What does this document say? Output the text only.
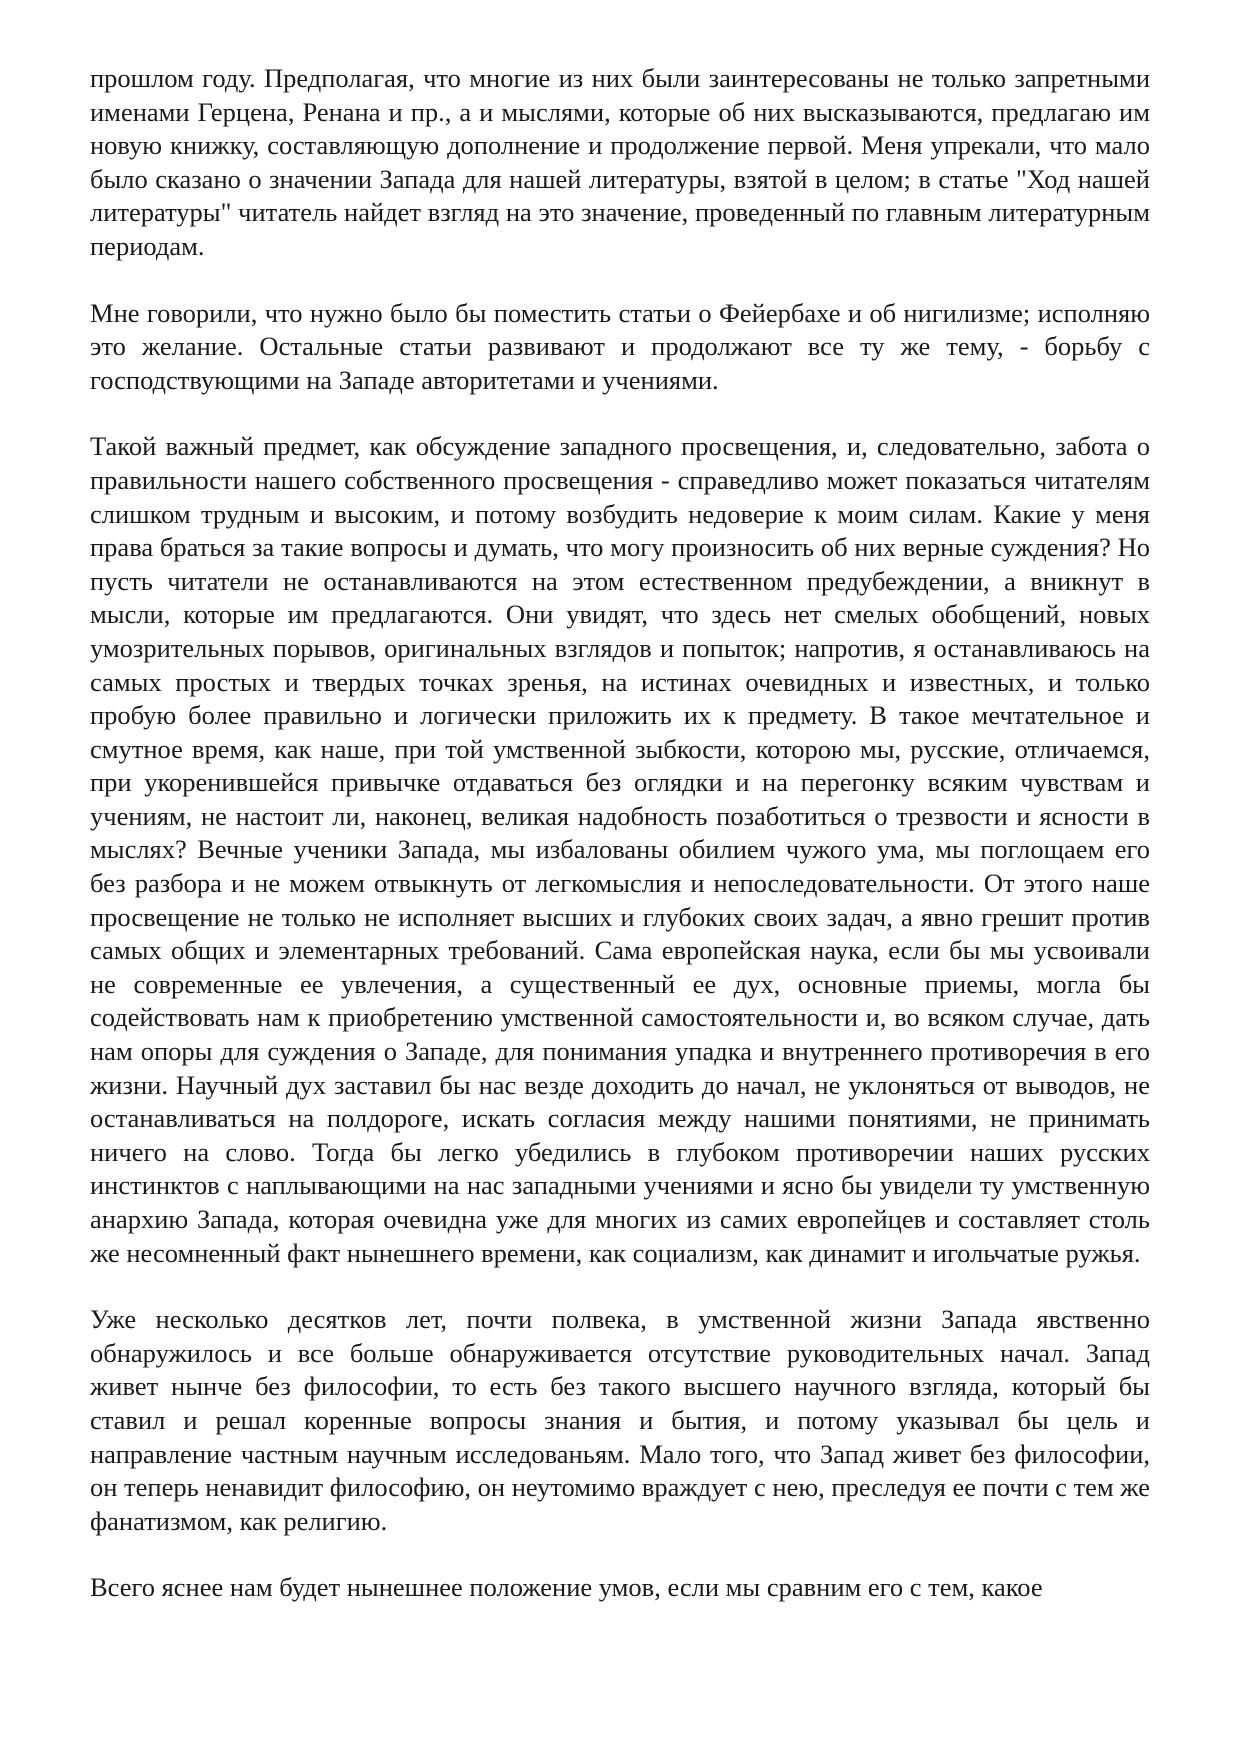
прошлом году. Предполагая, что многие из них были заинтересованы не только запретными именами Герцена, Ренана и пр., а и мыслями, которые об них высказываются, предлагаю им новую книжку, составляющую дополнение и продолжение первой. Меня упрекали, что мало было сказано о значении Запада для нашей литературы, взятой в целом; в статье "Ход нашей литературы" читатель найдет взгляд на это значение, проведенный по главным литературным периодам.

Мне говорили, что нужно было бы поместить статьи о Фейербахе и об нигилизме; исполняю это желание. Остальные статьи развивают и продолжают все ту же тему, - борьбу с господствующими на Западе авторитетами и учениями.

Такой важный предмет, как обсуждение западного просвещения, и, следовательно, забота о правильности нашего собственного просвещения - справедливо может показаться читателям слишком трудным и высоким, и потому возбудить недоверие к моим силам. Какие у меня права браться за такие вопросы и думать, что могу произносить об них верные суждения? Но пусть читатели не останавливаются на этом естественном предубеждении, а вникнут в мысли, которые им предлагаются. Они увидят, что здесь нет смелых обобщений, новых умозрительных порывов, оригинальных взглядов и попыток; напротив, я останавливаюсь на самых простых и твердых точках зренья, на истинах очевидных и известных, и только пробую более правильно и логически приложить их к предмету. В такое мечтательное и смутное время, как наше, при той умственной зыбкости, которою мы, русские, отличаемся, при укоренившейся привычке отдаваться без оглядки и на перегонку всяким чувствам и учениям, не настоит ли, наконец, великая надобность позаботиться о трезвости и ясности в мыслях? Вечные ученики Запада, мы избалованы обилием чужого ума, мы поглощаем его без разбора и не можем отвыкнуть от легкомыслия и непоследовательности. От этого наше просвещение не только не исполняет высших и глубоких своих задач, а явно грешит против самых общих и элементарных требований. Сама европейская наука, если бы мы усвоивали не современные ее увлечения, а существенный ее дух, основные приемы, могла бы содействовать нам к приобретению умственной самостоятельности и, во всяком случае, дать нам опоры для суждения о Западе, для понимания упадка и внутреннего противоречия в его жизни. Научный дух заставил бы нас везде доходить до начал, не уклоняться от выводов, не останавливаться на полдороге, искать согласия между нашими понятиями, не принимать ничего на слово. Тогда бы легко убедились в глубоком противоречии наших русских инстинктов с наплывающими на нас западными учениями и ясно бы увидели ту умственную анархию Запада, которая очевидна уже для многих из самих европейцев и составляет столь же несомненный факт нынешнего времени, как социализм, как динамит и игольчатые ружья.

Уже несколько десятков лет, почти полвека, в умственной жизни Запада явственно обнаружилось и все больше обнаруживается отсутствие руководительных начал. Запад живет нынче без философии, то есть без такого высшего научного взгляда, который бы ставил и решал коренные вопросы знания и бытия, и потому указывал бы цель и направление частным научным исследованьям. Мало того, что Запад живет без философии, он теперь ненавидит философию, он неутомимо враждует с нею, преследуя ее почти с тем же фанатизмом, как религию.

Всего яснее нам будет нынешнее положение умов, если мы сравним его с тем, какое
